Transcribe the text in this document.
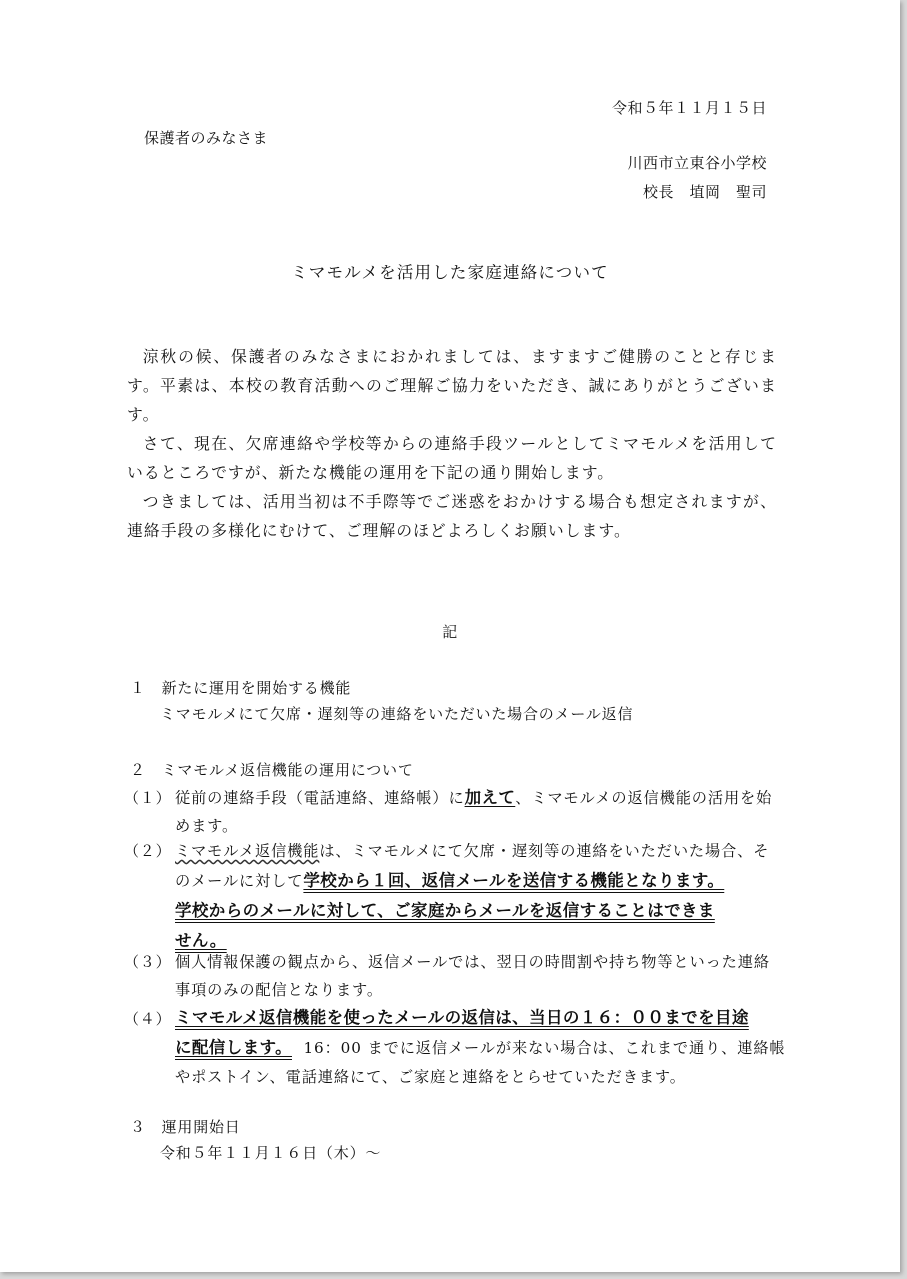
令和５年１１月１５日
保護者のみなさま
川西市立東谷小学校
校長　埴岡　聖司
ミマモルメを活用した家庭連絡について

涼秋の候、保護者のみなさまにおかれましては、ますますご健勝のことと存じます。平素は、本校の教育活動へのご理解ご協力をいただき、誠にありがとうございます。

さて、現在、欠席連絡や学校等からの連絡手段ツールとしてミマモルメを活用しているところですが、新たな機能の運用を下記の通り開始します。

つきましては、活用当初は不手際等でご迷惑をおかけする場合も想定されますが、連絡手段の多様化にむけて、ご理解のほどよろしくお願いします。

記
１　新たに運用を開始する機能
ミマモルメにて欠席・遅刻等の連絡をいただいた場合のメール返信
２　ミマモルメ返信機能の運用について
（１） 従前の連絡手段（電話連絡、連絡帳）に加えて、ミマモルメの返信機能の活用を始
めます。
（２） ミマモルメ返信機能は、ミマモルメにて欠席・遅刻等の連絡をいただいた場合、そ
のメールに対して学校から１回、返信メールを送信する機能となります。
学校からのメールに対して、ご家庭からメールを返信することはできま
せん。
（３） 個人情報保護の観点から、返信メールでは、翌日の時間割や持ち物等といった連絡
事項のみの配信となります。
（４） ミマモルメ返信機能を使ったメールの返信は、当日の１６：００までを目途
に配信します。 16：00 までに返信メールが来ない場合は、これまで通り、連絡帳
やポストイン、電話連絡にて、ご家庭と連絡をとらせていただきます。
３　運用開始日
令和５年１１月１６日（木）～
